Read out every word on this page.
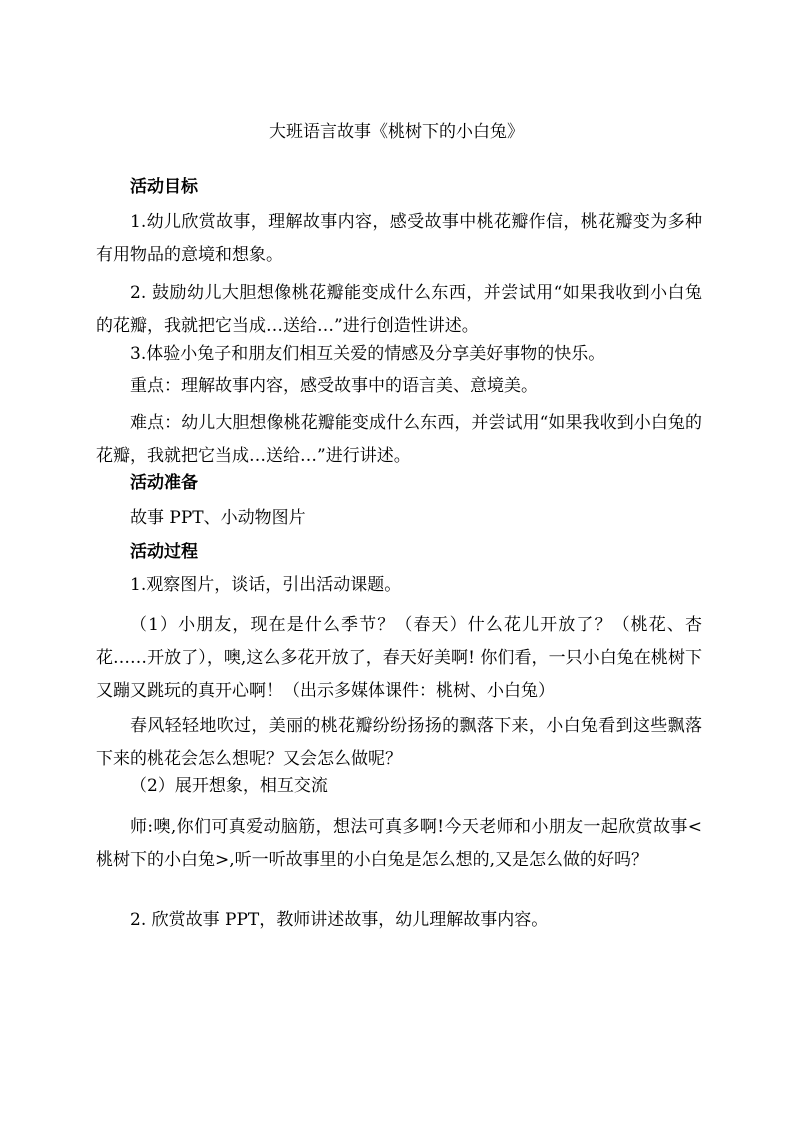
大班语言故事《桃树下的小白兔》

活动目标

1.幼儿欣赏故事，理解故事内容，感受故事中桃花瓣作信，桃花瓣变为多种有用物品的意境和想象。

2. 鼓励幼儿大胆想像桃花瓣能变成什么东西，并尝试用“如果我收到小白兔的花瓣，我就把它当成…送给…”进行创造性讲述。

3.体验小兔子和朋友们相互关爱的情感及分享美好事物的快乐。

重点：理解故事内容，感受故事中的语言美、意境美。

难点：幼儿大胆想像桃花瓣能变成什么东西，并尝试用“如果我收到小白兔的花瓣，我就把它当成…送给…”进行讲述。

活动准备

故事 PPT、小动物图片

活动过程

1.观察图片，谈话，引出活动课题。

（1）小朋友，现在是什么季节？（春天）什么花儿开放了？（桃花、杏花……开放了），噢,这么多花开放了，春天好美啊! 你们看，一只小白兔在桃树下又蹦又跳玩的真开心啊！（出示多媒体课件：桃树、小白兔）

春风轻轻地吹过，美丽的桃花瓣纷纷扬扬的飘落下来，小白兔看到这些飘落下来的桃花会怎么想呢？又会怎么做呢？

（2）展开想象，相互交流

师:噢,你们可真爱动脑筋，想法可真多啊!今天老师和小朋友一起欣赏故事<桃树下的小白兔>,听一听故事里的小白兔是怎么想的,又是怎么做的好吗？

2. 欣赏故事 PPT，教师讲述故事，幼儿理解故事内容。
